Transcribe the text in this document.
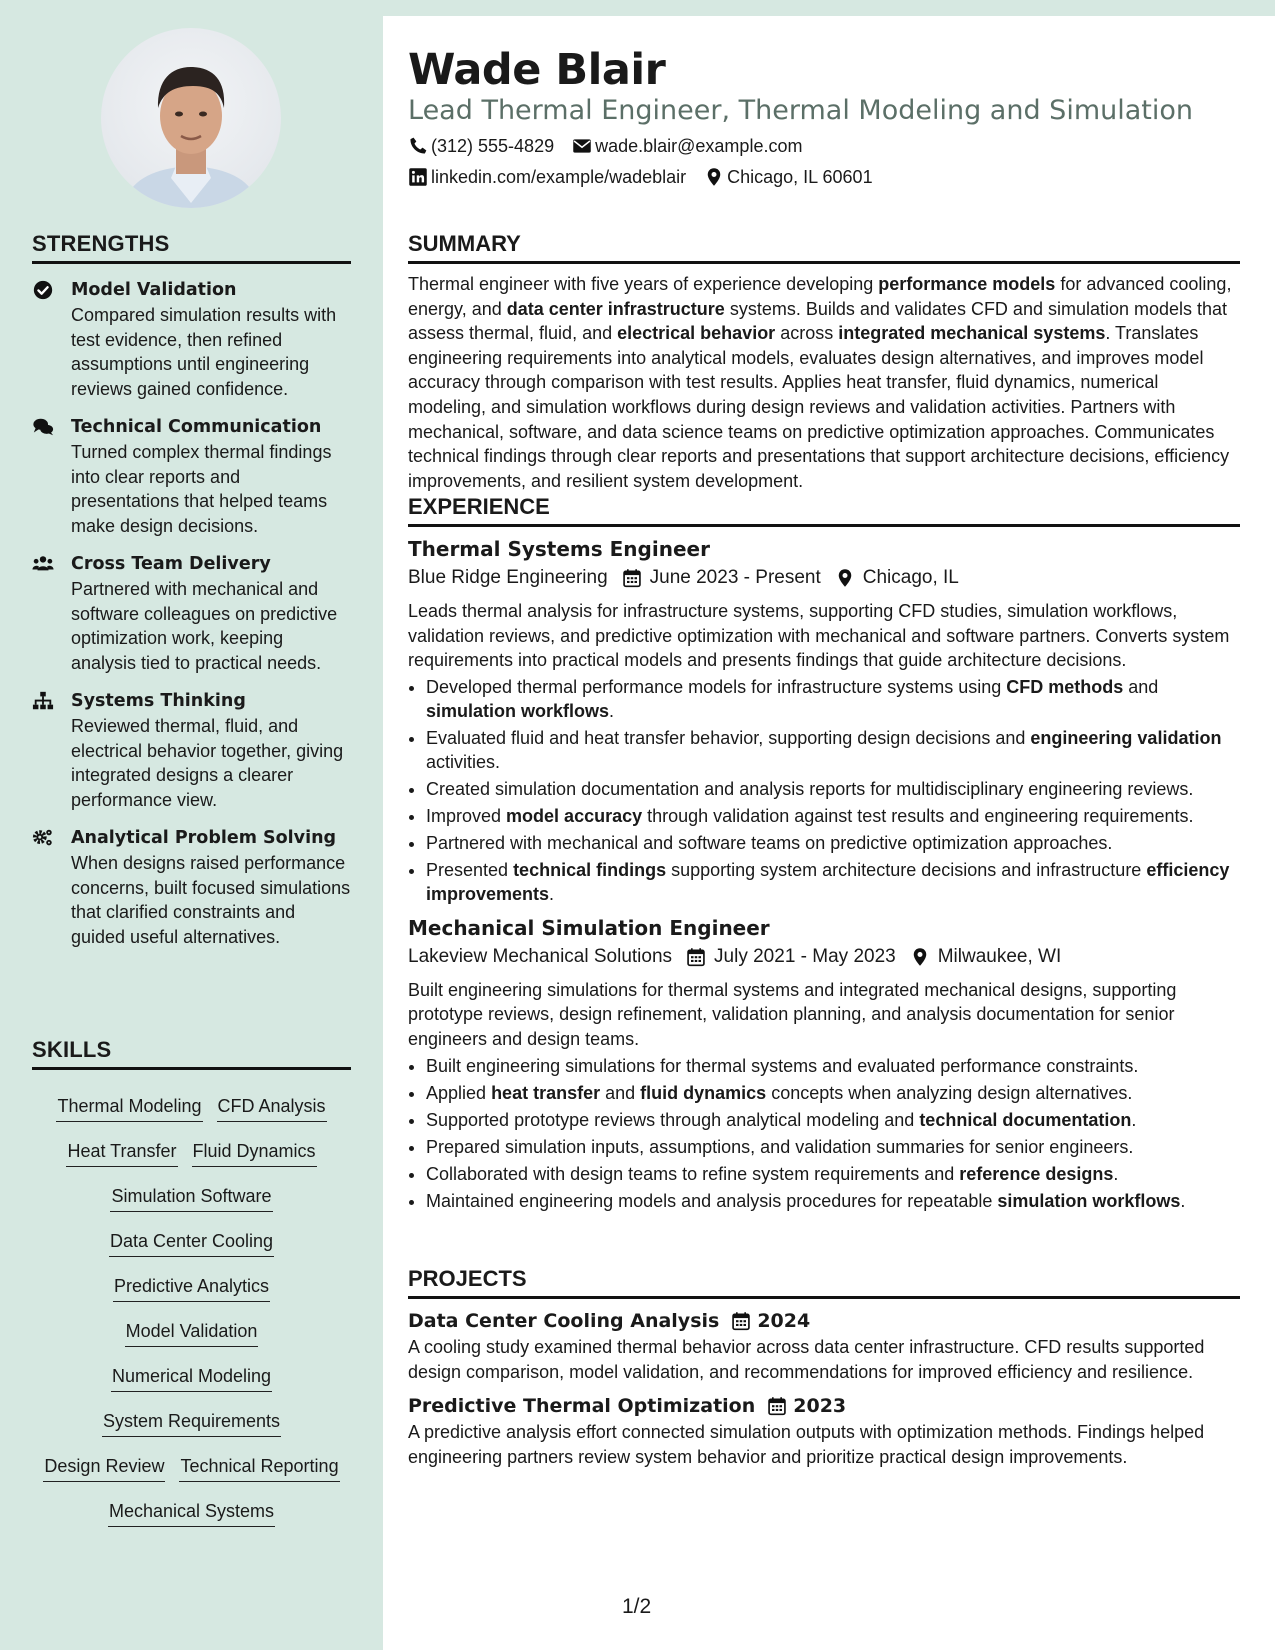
STRENGTHS
Model Validation
Compared simulation results with test evidence, then refined assumptions until engineering reviews gained confidence.
Technical Communication
Turned complex thermal findings into clear reports and presentations that helped teams make design decisions.
Cross Team Delivery
Partnered with mechanical and software colleagues on predictive optimization work, keeping analysis tied to practical needs.
Systems Thinking
Reviewed thermal, fluid, and electrical behavior together, giving integrated designs a clearer performance view.
Analytical Problem Solving
When designs raised performance concerns, built focused simulations that clarified constraints and guided useful alternatives.
SKILLS
Thermal Modeling CFD Analysis
Heat Transfer Fluid Dynamics
Simulation Software
Data Center Cooling
Predictive Analytics
Model Validation
Numerical Modeling
System Requirements
Design Review Technical Reporting
Mechanical Systems
Wade Blair
Lead Thermal Engineer, Thermal Modeling and Simulation
(312) 555-4829 wade.blair@example.com
linkedin.com/example/wadeblair Chicago, IL 60601
SUMMARY
Thermal engineer with five years of experience developing performance models for advanced cooling, energy, and data center infrastructure systems. Builds and validates CFD and simulation models that assess thermal, fluid, and electrical behavior across integrated mechanical systems. Translates engineering requirements into analytical models, evaluates design alternatives, and improves model accuracy through comparison with test results. Applies heat transfer, fluid dynamics, numerical modeling, and simulation workflows during design reviews and validation activities. Partners with mechanical, software, and data science teams on predictive optimization approaches. Communicates technical findings through clear reports and presentations that support architecture decisions, efficiency improvements, and resilient system development.
EXPERIENCE
Thermal Systems Engineer
Blue Ridge Engineering June 2023 - Present Chicago, IL
Leads thermal analysis for infrastructure systems, supporting CFD studies, simulation workflows, validation reviews, and predictive optimization with mechanical and software partners. Converts system requirements into practical models and presents findings that guide architecture decisions.
• Developed thermal performance models for infrastructure systems using CFD methods and simulation workflows.
• Evaluated fluid and heat transfer behavior, supporting design decisions and engineering validation activities.
• Created simulation documentation and analysis reports for multidisciplinary engineering reviews.
• Improved model accuracy through validation against test results and engineering requirements.
• Partnered with mechanical and software teams on predictive optimization approaches.
• Presented technical findings supporting system architecture decisions and infrastructure efficiency improvements.
Mechanical Simulation Engineer
Lakeview Mechanical Solutions July 2021 - May 2023 Milwaukee, WI
Built engineering simulations for thermal systems and integrated mechanical designs, supporting prototype reviews, design refinement, validation planning, and analysis documentation for senior engineers and design teams.
• Built engineering simulations for thermal systems and evaluated performance constraints.
• Applied heat transfer and fluid dynamics concepts when analyzing design alternatives.
• Supported prototype reviews through analytical modeling and technical documentation.
• Prepared simulation inputs, assumptions, and validation summaries for senior engineers.
• Collaborated with design teams to refine system requirements and reference designs.
• Maintained engineering models and analysis procedures for repeatable simulation workflows.
PROJECTS
Data Center Cooling Analysis 2024
A cooling study examined thermal behavior across data center infrastructure. CFD results supported design comparison, model validation, and recommendations for improved efficiency and resilience.
Predictive Thermal Optimization 2023
A predictive analysis effort connected simulation outputs with optimization methods. Findings helped engineering partners review system behavior and prioritize practical design improvements.
1/2
